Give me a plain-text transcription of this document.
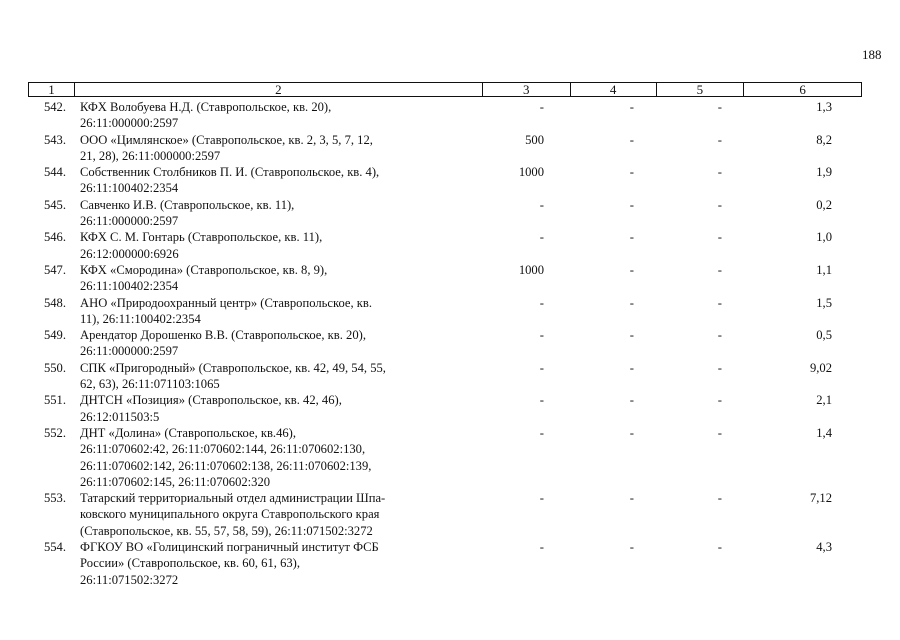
188
1	2	3	4	5	6
542.	КФХ Волобуева Н.Д. (Ставропольское, кв. 20),
26:11:000000:2597
-	-	-	1,3
543.	ООО «Цимлянское» (Ставропольское, кв. 2, 3, 5, 7, 12,
21, 28), 26:11:000000:2597
500	-	-	8,2
544.	Собственник Столбников П. И. (Ставропольское, кв. 4),
26:11:100402:2354
1000	-	-	1,9
545.	Савченко И.В. (Ставропольское, кв. 11),
26:11:000000:2597
-	-	-	0,2
546.	КФХ С. М. Гонтарь (Ставропольское, кв. 11),
26:12:000000:6926
-	-	-	1,0
547.	КФХ «Смородина» (Ставропольское, кв. 8, 9),
26:11:100402:2354
1000	-	-	1,1
548.	АНО «Природоохранный центр» (Ставропольское, кв.
11), 26:11:100402:2354
-	-	-	1,5
549.	Арендатор Дорошенко В.В. (Ставропольское, кв. 20),
26:11:000000:2597
-	-	-	0,5
550.	СПК «Пригородный» (Ставропольское, кв. 42, 49, 54, 55,
62, 63), 26:11:071103:1065
-	-	-	9,02
551.	ДНТСН «Позиция» (Ставропольское, кв. 42, 46),
26:12:011503:5
-	-	-	2,1
552.	ДНТ «Долина» (Ставропольское, кв.46),
26:11:070602:42, 26:11:070602:144, 26:11:070602:130,
26:11:070602:142, 26:11:070602:138, 26:11:070602:139,
26:11:070602:145, 26:11:070602:320
-	-	-	1,4
553.	Татарский территориальный отдел администрации Шпа-
ковского муниципального округа Ставропольского края
(Ставропольское, кв. 55, 57, 58, 59), 26:11:071502:3272
-	-	-	7,12
554.	ФГКОУ ВО «Голицинский пограничный институт ФСБ
России» (Ставропольское, кв. 60, 61, 63),
26:11:071502:3272
-	-	-	4,3
